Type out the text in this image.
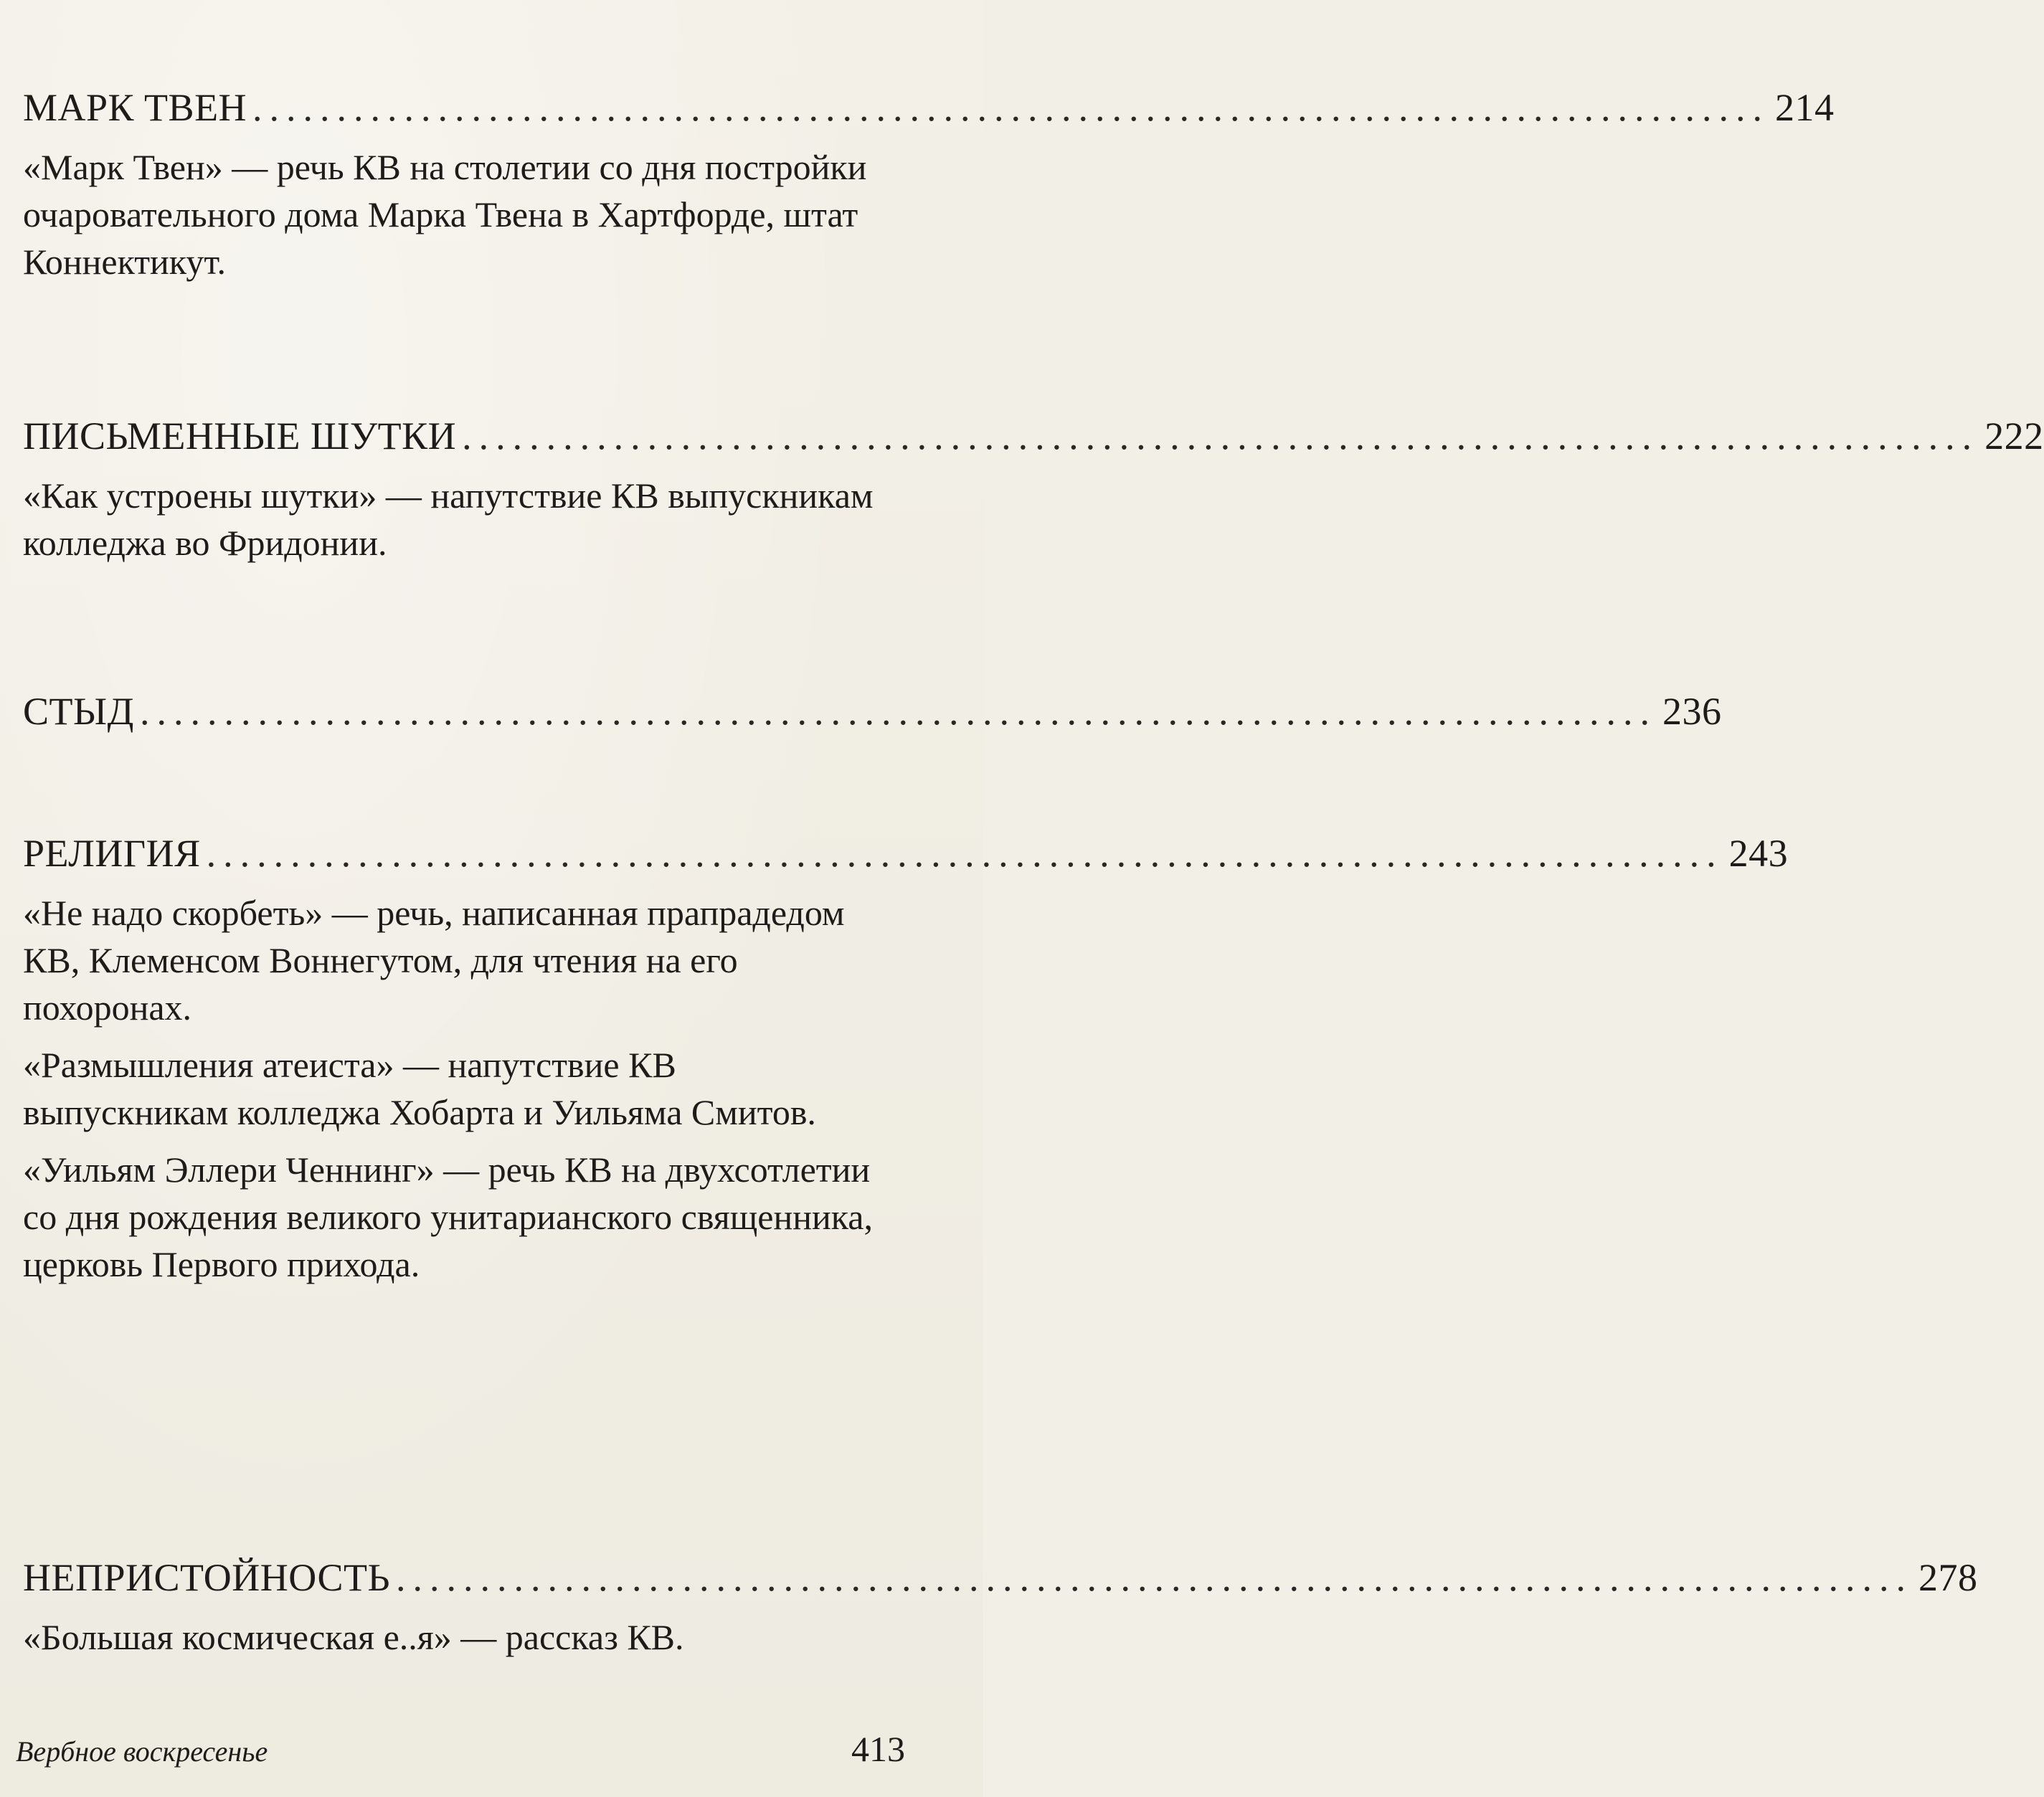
МАРК ТВЕН .......................................................................................... 214
«Марк Твен» — речь КВ на столетии со дня постройки очаровательного дома Марка Твена в Хартфорде, штат Коннектикут.
ПИСЬМЕННЫЕ ШУТКИ .......................................................................................... 222
«Как устроены шутки» — напутствие КВ выпускникам колледжа во Фридонии.
СТЫД .......................................................................................... 236
РЕЛИГИЯ .......................................................................................... 243
«Не надо скорбеть» — речь, написанная прапрадедом КВ, Клеменсом Воннегутом, для чтения на его похоронах.
«Размышления атеиста» — напутствие КВ выпускникам колледжа Хобарта и Уильяма Смитов.
«Уильям Эллери Ченнинг» — речь КВ на двухсотлетии со дня рождения великого унитарианского священника, церковь Первого прихода.
НЕПРИСТОЙНОСТЬ .......................................................................................... 278
«Большая космическая е..я» — рассказ КВ.
Вербное воскресенье	413
